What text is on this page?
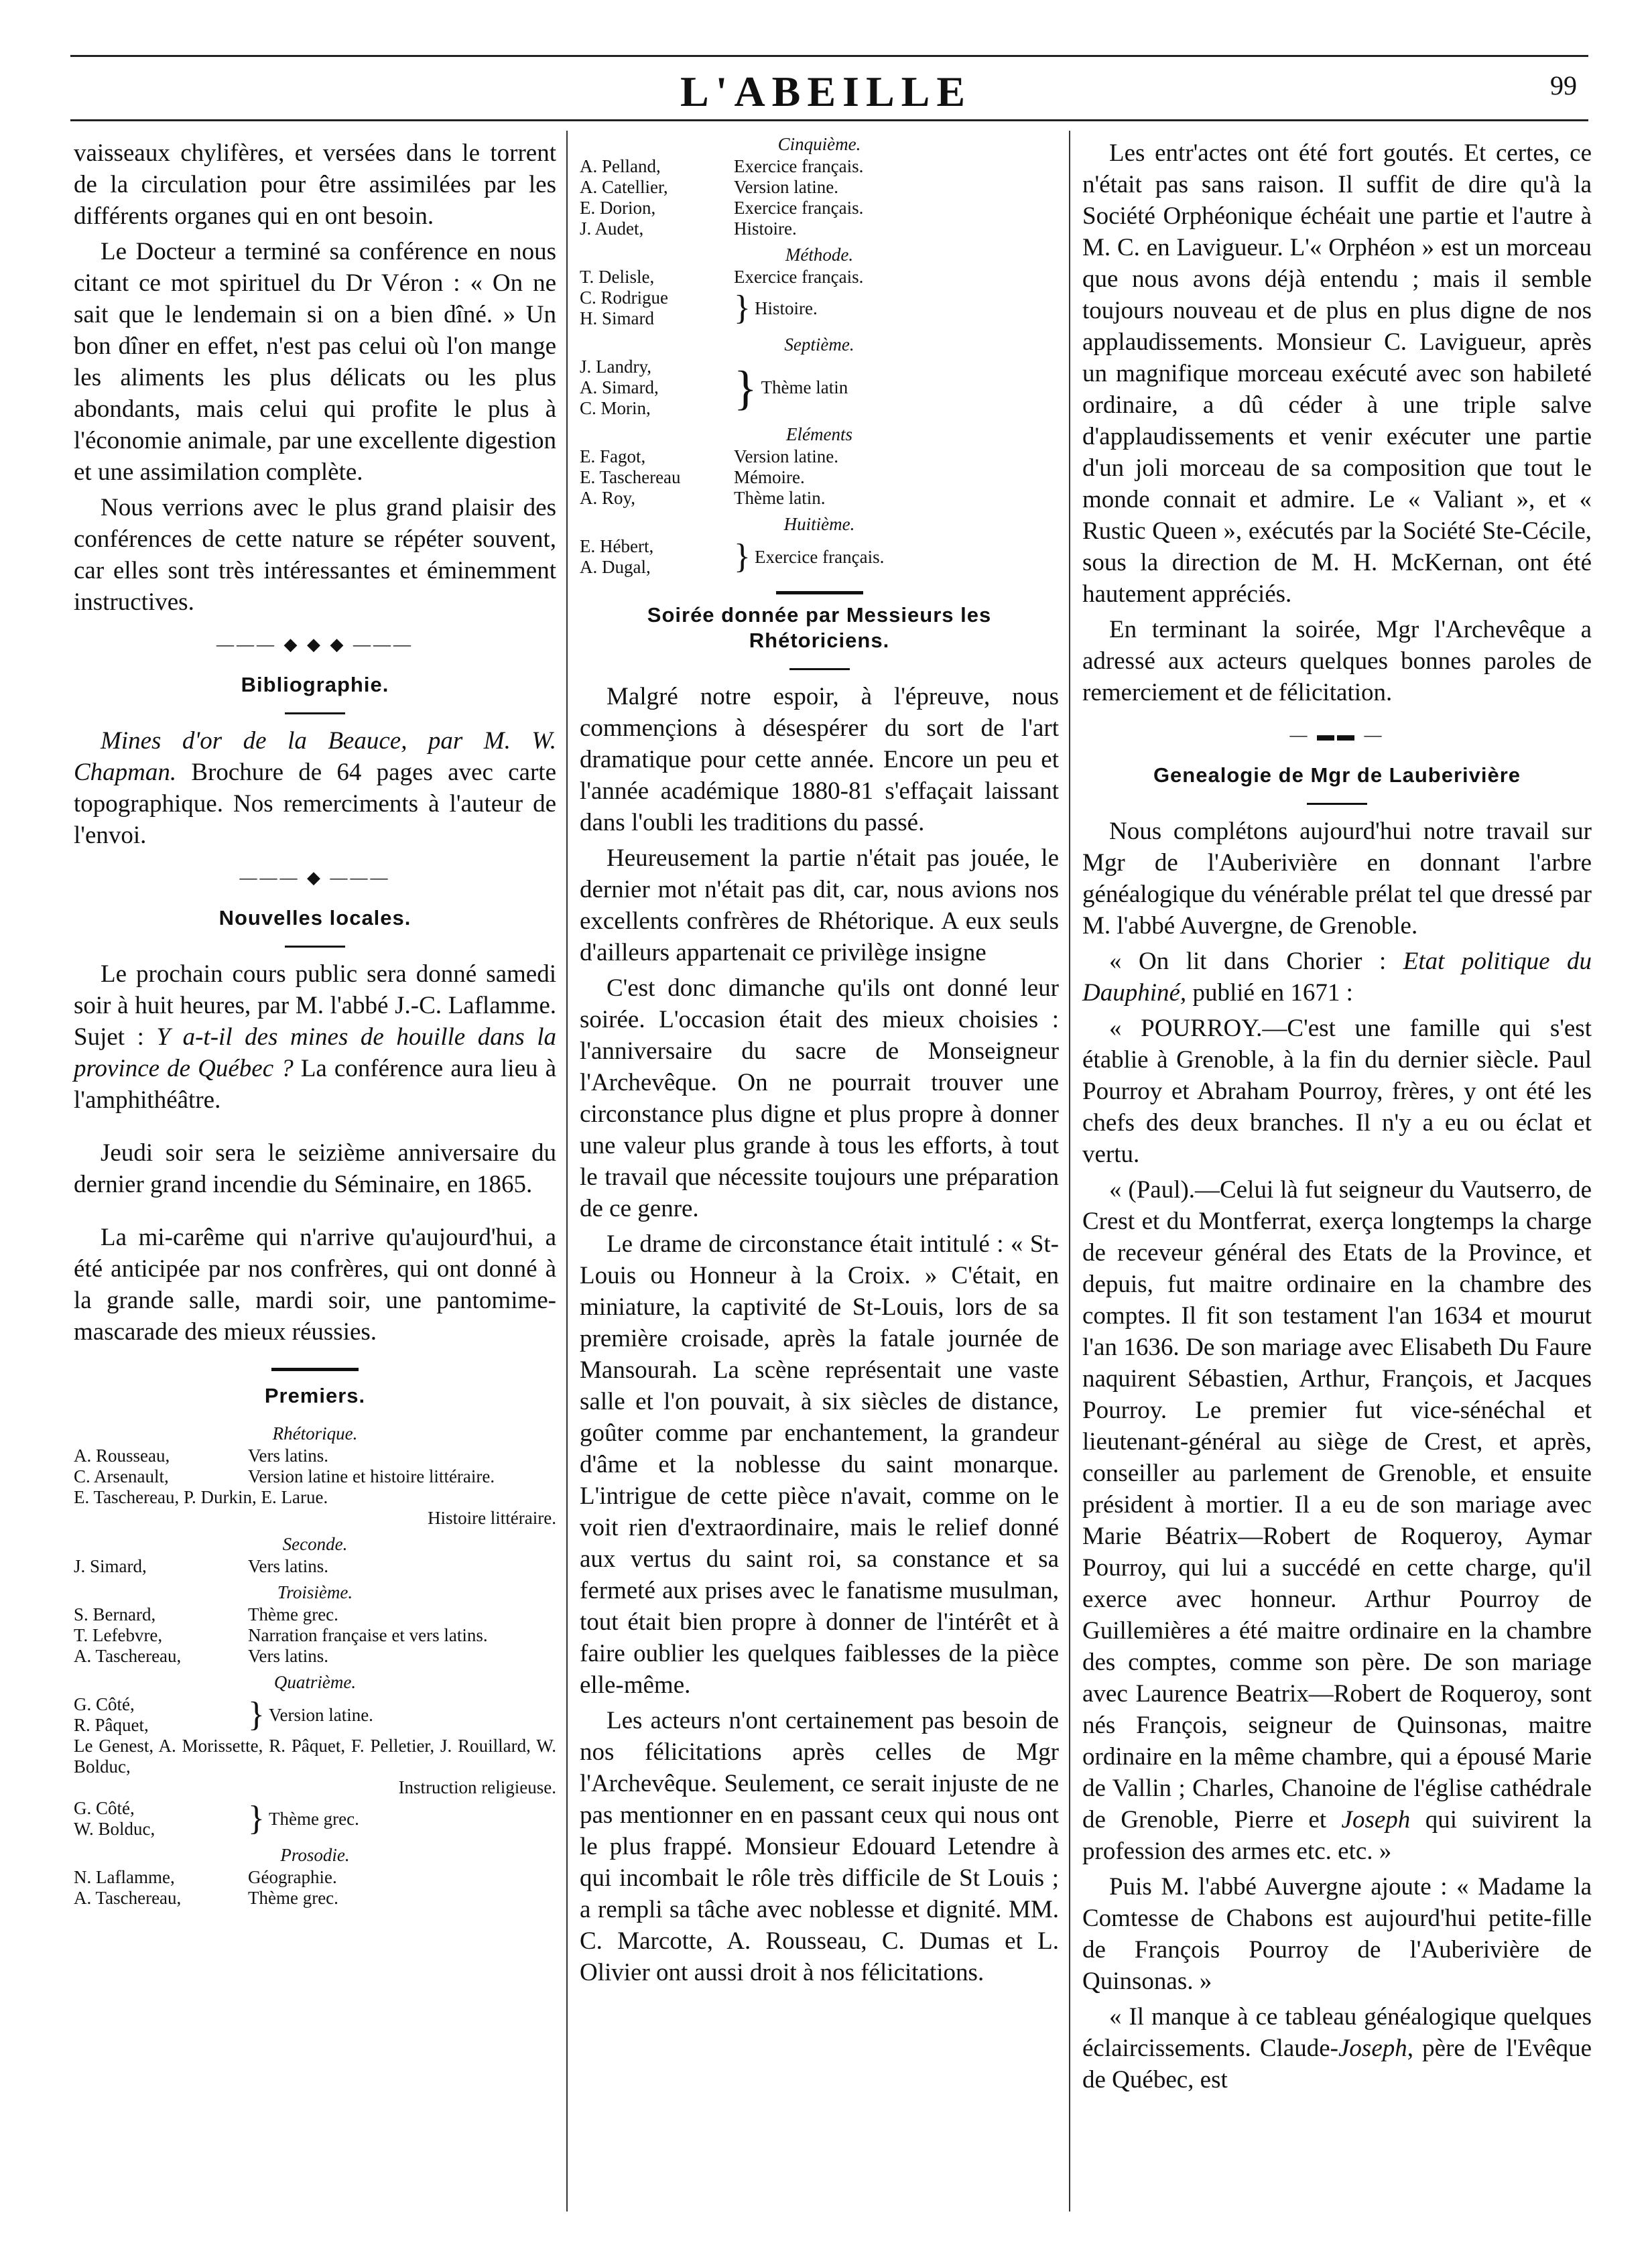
L'ABEILLE	99

vaisseaux chylifères, et versées dans le torrent de la circulation pour être assimilées par les différents organes qui en ont besoin.

Le Docteur a terminé sa conférence en nous citant ce mot spirituel du Dr Véron : « On ne sait que le lendemain si on a bien dîné. » Un bon dîner en effet, n'est pas celui où l'on mange les aliments les plus délicats ou les plus abondants, mais celui qui profite le plus à l'économie animale, par une excellente digestion et une assimilation complète.

Nous verrions avec le plus grand plaisir des conférences de cette nature se répéter souvent, car elles sont très intéressantes et éminemment instructives.

——— ◆ ◆ ◆ ———
Bibliographie.

Mines d'or de la Beauce, par M. W. Chapman. Brochure de 64 pages avec carte topographique. Nos remerciments à l'auteur de l'envoi.

——— ◆ ———
Nouvelles locales.

Le prochain cours public sera donné samedi soir à huit heures, par M. l'abbé J.-C. Laflamme. Sujet : Y a-t-il des mines de houille dans la province de Québec ? La conférence aura lieu à l'amphithéâtre.

Jeudi soir sera le seizième anniversaire du dernier grand incendie du Séminaire, en 1865.

La mi-carême qui n'arrive qu'aujourd'hui, a été anticipée par nos confrères, qui ont donné à la grande salle, mardi soir, une pantomime-mascarade des mieux réussies.

Premiers.
Rhétorique.
A. Rousseau,	Vers latins.
C. Arsenault,	Version latine et histoire littéraire.
E. Taschereau, P. Durkin, E. Larue.
Histoire littéraire.
Seconde.
J. Simard,	Vers latins.
Troisième.
S. Bernard,	Thème grec.
T. Lefebvre,	Narration française et vers latins.
A. Taschereau,	Vers latins.
Quatrième.
G. Côté,
R. Pâquet,	} Version latine.
Le Genest, A. Morissette, R. Pâquet, F. Pelletier, J. Rouillard, W. Bolduc,
Instruction religieuse.
G. Côté,
W. Bolduc,	} Thème grec.
Prosodie.
N. Laflamme,	Géographie.
A. Taschereau,	Thème grec.
Cinquième.
A. Pelland,	Exercice français.
A. Catellier,	Version latine.
E. Dorion,	Exercice français.
J. Audet,	Histoire.
Méthode.
T. Delisle,	Exercice français.
C. Rodrigue
H. Simard	} Histoire.
Septième.
J. Landry,
A. Simard,
C. Morin,	} Thème latin
Eléments
E. Fagot,	Version latine.
E. Taschereau	Mémoire.
A. Roy,	Thème latin.
Huitième.
E. Hébert,
A. Dugal,	} Exercice français.
Soirée donnée par Messieurs les Rhétoriciens.

Malgré notre espoir, à l'épreuve, nous commençions à désespérer du sort de l'art dramatique pour cette année. Encore un peu et l'année académique 1880-81 s'effaçait laissant dans l'oubli les traditions du passé.

Heureusement la partie n'était pas jouée, le dernier mot n'était pas dit, car, nous avions nos excellents confrères de Rhétorique. A eux seuls d'ailleurs appartenait ce privilège insigne

C'est donc dimanche qu'ils ont donné leur soirée. L'occasion était des mieux choisies : l'anniversaire du sacre de Monseigneur l'Archevêque. On ne pourrait trouver une circonstance plus digne et plus propre à donner une valeur plus grande à tous les efforts, à tout le travail que nécessite toujours une préparation de ce genre.

Le drame de circonstance était intitulé : « St-Louis ou Honneur à la Croix. » C'était, en miniature, la captivité de St-Louis, lors de sa première croisade, après la fatale journée de Mansourah. La scène représentait une vaste salle et l'on pouvait, à six siècles de distance, goûter comme par enchantement, la grandeur d'âme et la noblesse du saint monarque. L'intrigue de cette pièce n'avait, comme on le voit rien d'extraordinaire, mais le relief donné aux vertus du saint roi, sa constance et sa fermeté aux prises avec le fanatisme musulman, tout était bien propre à donner de l'intérêt et à faire oublier les quelques faiblesses de la pièce elle-même.

Les acteurs n'ont certainement pas besoin de nos félicitations après celles de Mgr l'Archevêque. Seulement, ce serait injuste de ne pas mentionner en en passant ceux qui nous ont le plus frappé. Monsieur Edouard Letendre à qui incombait le rôle très difficile de St Louis ; a rempli sa tâche avec noblesse et dignité. MM. C. Marcotte, A. Rousseau, C. Dumas et L. Olivier ont aussi droit à nos félicitations.

Les entr'actes ont été fort goutés. Et certes, ce n'était pas sans raison. Il suffit de dire qu'à la Société Orphéonique échéait une partie et l'autre à M. C. en Lavigueur. L'« Orphéon » est un morceau que nous avons déjà entendu ; mais il semble toujours nouveau et de plus en plus digne de nos applaudissements. Monsieur C. Lavigueur, après un magnifique morceau exécuté avec son habileté ordinaire, a dû céder à une triple salve d'applaudissements et venir exécuter une partie d'un joli morceau de sa composition que tout le monde connait et admire. Le « Valiant », et « Rustic Queen », exécutés par la Société Ste-Cécile, sous la direction de M. H. McKernan, ont été hautement appréciés.

En terminant la soirée, Mgr l'Archevêque a adressé aux acteurs quelques bonnes paroles de remerciement et de félicitation.

— ▬▬ —
Genealogie de Mgr de Lauberivière

Nous complétons aujourd'hui notre travail sur Mgr de l'Auberivière en donnant l'arbre généalogique du vénérable prélat tel que dressé par M. l'abbé Auvergne, de Grenoble.

« On lit dans Chorier : Etat politique du Dauphiné, publié en 1671 :

« POURROY.—C'est une famille qui s'est établie à Grenoble, à la fin du dernier siècle. Paul Pourroy et Abraham Pourroy, frères, y ont été les chefs des deux branches. Il n'y a eu ou éclat et vertu.

« (Paul).—Celui là fut seigneur du Vautserro, de Crest et du Montferrat, exerça longtemps la charge de receveur général des Etats de la Province, et depuis, fut maitre ordinaire en la chambre des comptes. Il fit son testament l'an 1634 et mourut l'an 1636. De son mariage avec Elisabeth Du Faure naquirent Sébastien, Arthur, François, et Jacques Pourroy. Le premier fut vice-sénéchal et lieutenant-général au siège de Crest, et après, conseiller au parlement de Grenoble, et ensuite président à mortier. Il a eu de son mariage avec Marie Béatrix—Robert de Roqueroy, Aymar Pourroy, qui lui a succédé en cette charge, qu'il exerce avec honneur. Arthur Pourroy de Guillemières a été maitre ordinaire en la chambre des comptes, comme son père. De son mariage avec Laurence Beatrix—Robert de Roqueroy, sont nés François, seigneur de Quinsonas, maitre ordinaire en la même chambre, qui a épousé Marie de Vallin ; Charles, Chanoine de l'église cathédrale de Grenoble, Pierre et Joseph qui suivirent la profession des armes etc. etc. »

Puis M. l'abbé Auvergne ajoute : « Madame la Comtesse de Chabons est aujourd'hui petite-fille de François Pourroy de l'Auberivière de Quinsonas. »

« Il manque à ce tableau généalogique quelques éclaircissements. Claude-Joseph, père de l'Evêque de Québec, est
